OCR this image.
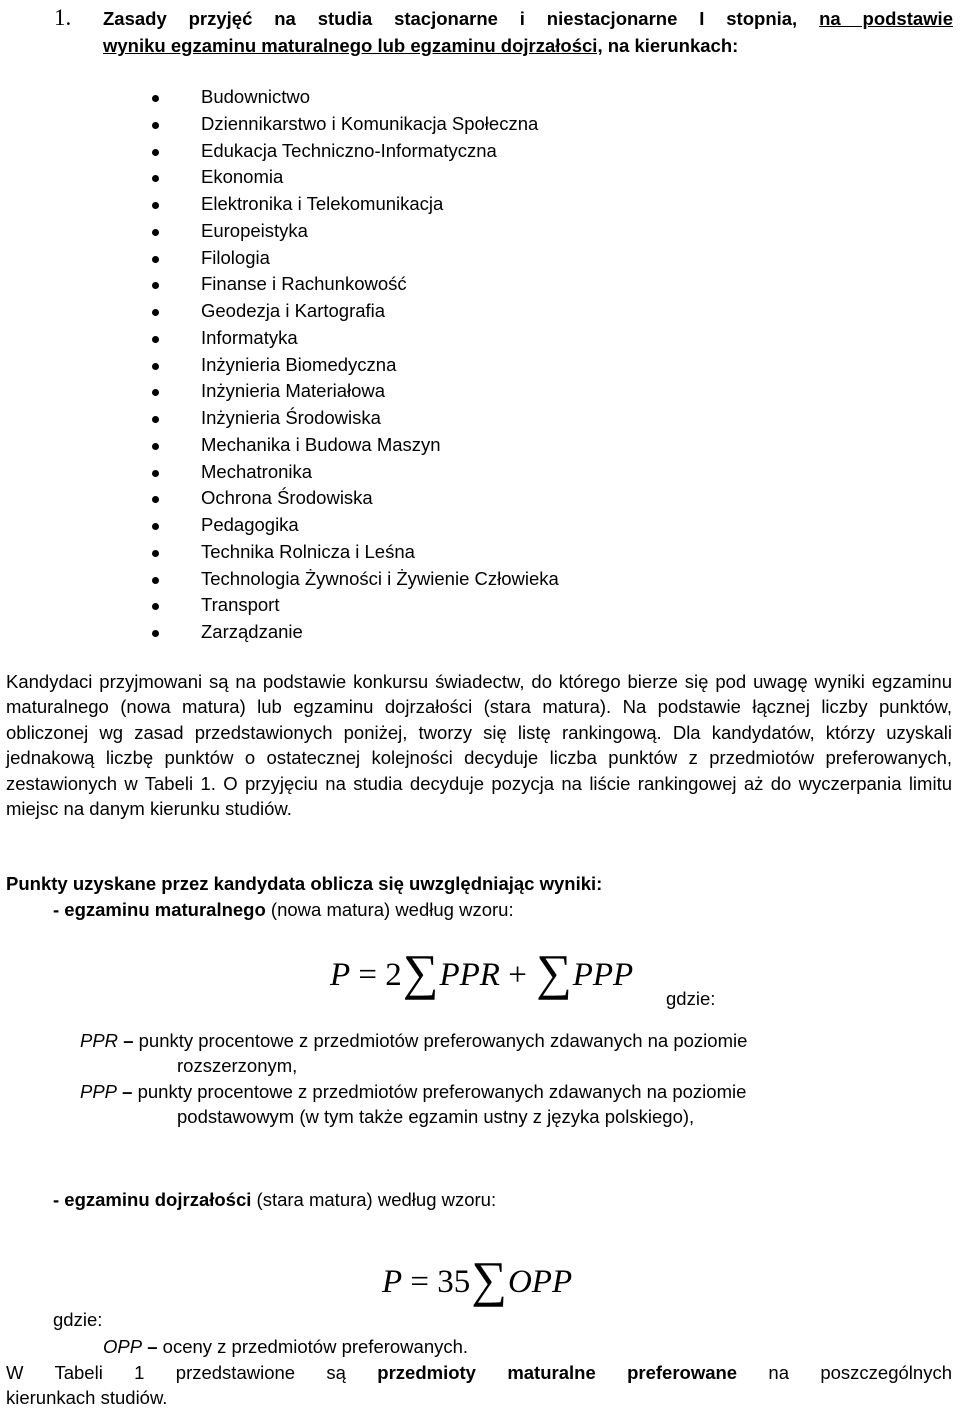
1. Zasady przyjęć na studia stacjonarne i niestacjonarne I stopnia, na podstawie
wyniku egzaminu maturalnego lub egzaminu dojrzałości, na kierunkach:
Budownictwo
Dziennikarstwo i Komunikacja Społeczna
Edukacja Techniczno-Informatyczna
Ekonomia
Elektronika i Telekomunikacja
Europeistyka
Filologia
Finanse i Rachunkowość
Geodezja i Kartografia
Informatyka
Inżynieria Biomedyczna
Inżynieria Materiałowa
Inżynieria Środowiska
Mechanika i Budowa Maszyn
Mechatronika
Ochrona Środowiska
Pedagogika
Technika Rolnicza i Leśna
Technologia Żywności i Żywienie Człowieka
Transport
Zarządzanie

Kandydaci przyjmowani są na podstawie konkursu świadectw, do którego bierze się pod uwagę wyniki egzaminu maturalnego (nowa matura) lub egzaminu dojrzałości (stara matura). Na podstawie łącznej liczby punktów, obliczonej wg zasad przedstawionych poniżej, tworzy się listę rankingową. Dla kandydatów, którzy uzyskali jednakową liczbę punktów o ostatecznej kolejności decyduje liczba punktów z przedmiotów preferowanych, zestawionych w Tabeli 1. O przyjęciu na studia decyduje pozycja na liście rankingowej aż do wyczerpania limitu miejsc na danym kierunku studiów.

Punkty uzyskane przez kandydata oblicza się uwzględniając wyniki:
- egzaminu maturalnego (nowa matura) według wzoru:
P = 2∑PPR + ∑PPP
gdzie:
PPR – punkty procentowe z przedmiotów preferowanych zdawanych na poziomie
rozszerzonym,
PPP – punkty procentowe z przedmiotów preferowanych zdawanych na poziomie
podstawowym (w tym także egzamin ustny z języka polskiego),
- egzaminu dojrzałości (stara matura) według wzoru:
P = 35∑OPP
gdzie:
OPP – oceny z przedmiotów preferowanych.
W Tabeli 1 przedstawione są przedmioty maturalne preferowane na poszczególnych
kierunkach studiów.
